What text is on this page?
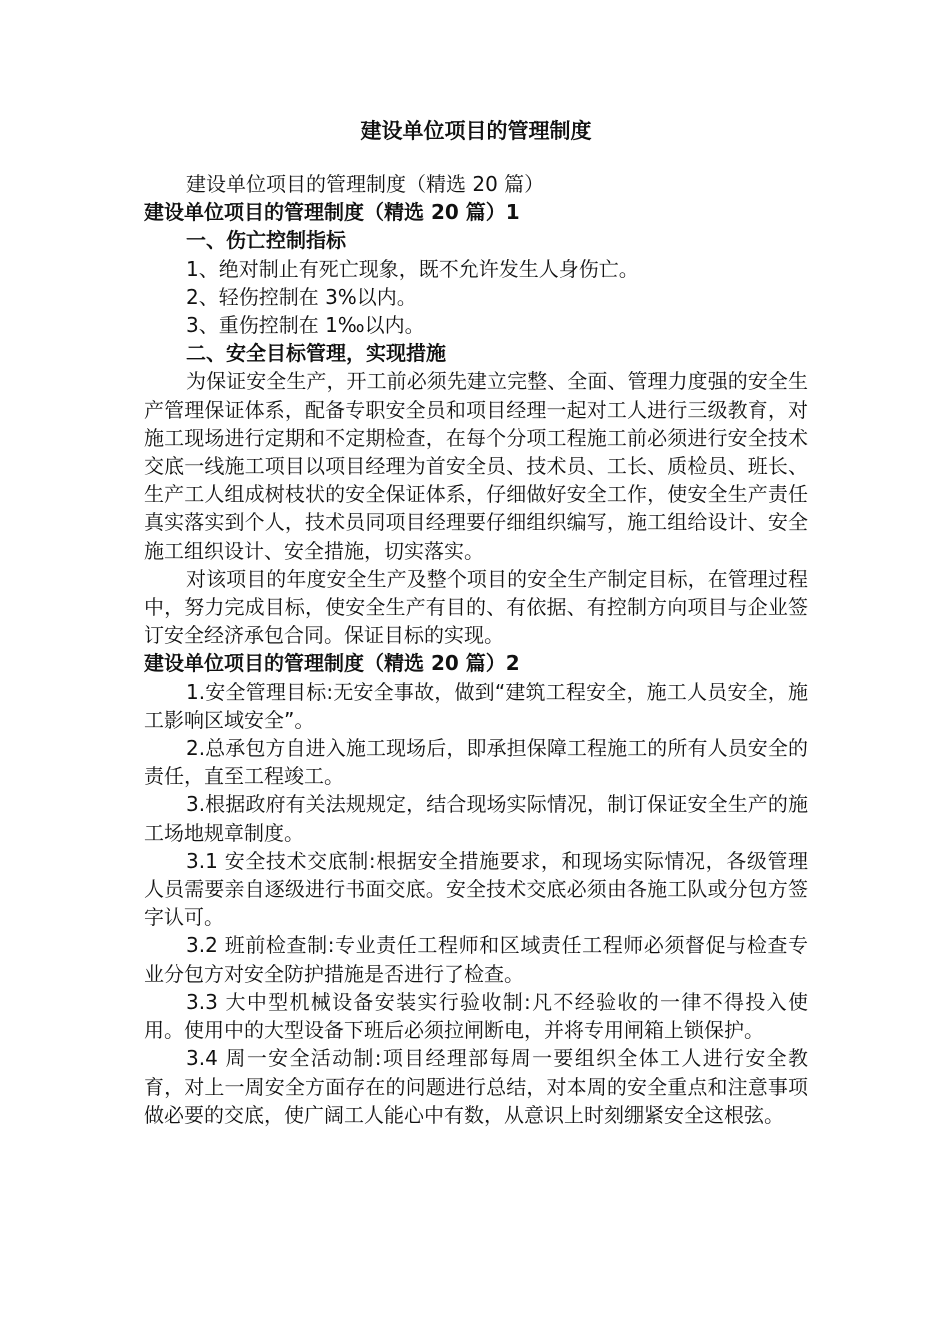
建设单位项目的管理制度

建设单位项目的管理制度（精选 20 篇）

建设单位项目的管理制度（精选 20 篇）1

一、伤亡控制指标

1、绝对制止有死亡现象，既不允许发生人身伤亡。

2、轻伤控制在 3%以内。

3、重伤控制在 1‰以内。

二、安全目标管理，实现措施

为保证安全生产，开工前必须先建立完整、全面、管理力度强的安全生产管理保证体系，配备专职安全员和项目经理一起对工人进行三级教育，对施工现场进行定期和不定期检查，在每个分项工程施工前必须进行安全技术交底一线施工项目以项目经理为首安全员、技术员、工长、质检员、班长、生产工人组成树枝状的安全保证体系，仔细做好安全工作，使安全生产责任真实落实到个人，技术员同项目经理要仔细组织编写，施工组给设计、安全施工组织设计、安全措施，切实落实。

对该项目的年度安全生产及整个项目的安全生产制定目标，在管理过程中，努力完成目标，使安全生产有目的、有依据、有控制方向项目与企业签订安全经济承包合同。保证目标的实现。

建设单位项目的管理制度（精选 20 篇）2

1.安全管理目标:无安全事故，做到“建筑工程安全，施工人员安全，施工影响区域安全”。

2.总承包方自进入施工现场后，即承担保障工程施工的所有人员安全的责任，直至工程竣工。

3.根据政府有关法规规定，结合现场实际情况，制订保证安全生产的施工场地规章制度。

3.1 安全技术交底制:根据安全措施要求，和现场实际情况，各级管理人员需要亲自逐级进行书面交底。安全技术交底必须由各施工队或分包方签字认可。

3.2 班前检查制:专业责任工程师和区域责任工程师必须督促与检查专业分包方对安全防护措施是否进行了检查。

3.3 大中型机械设备安装实行验收制:凡不经验收的一律不得投入使用。使用中的大型设备下班后必须拉闸断电，并将专用闸箱上锁保护。

3.4 周一安全活动制:项目经理部每周一要组织全体工人进行安全教育，对上一周安全方面存在的问题进行总结，对本周的安全重点和注意事项做必要的交底，使广阔工人能心中有数，从意识上时刻绷紧安全这根弦。
